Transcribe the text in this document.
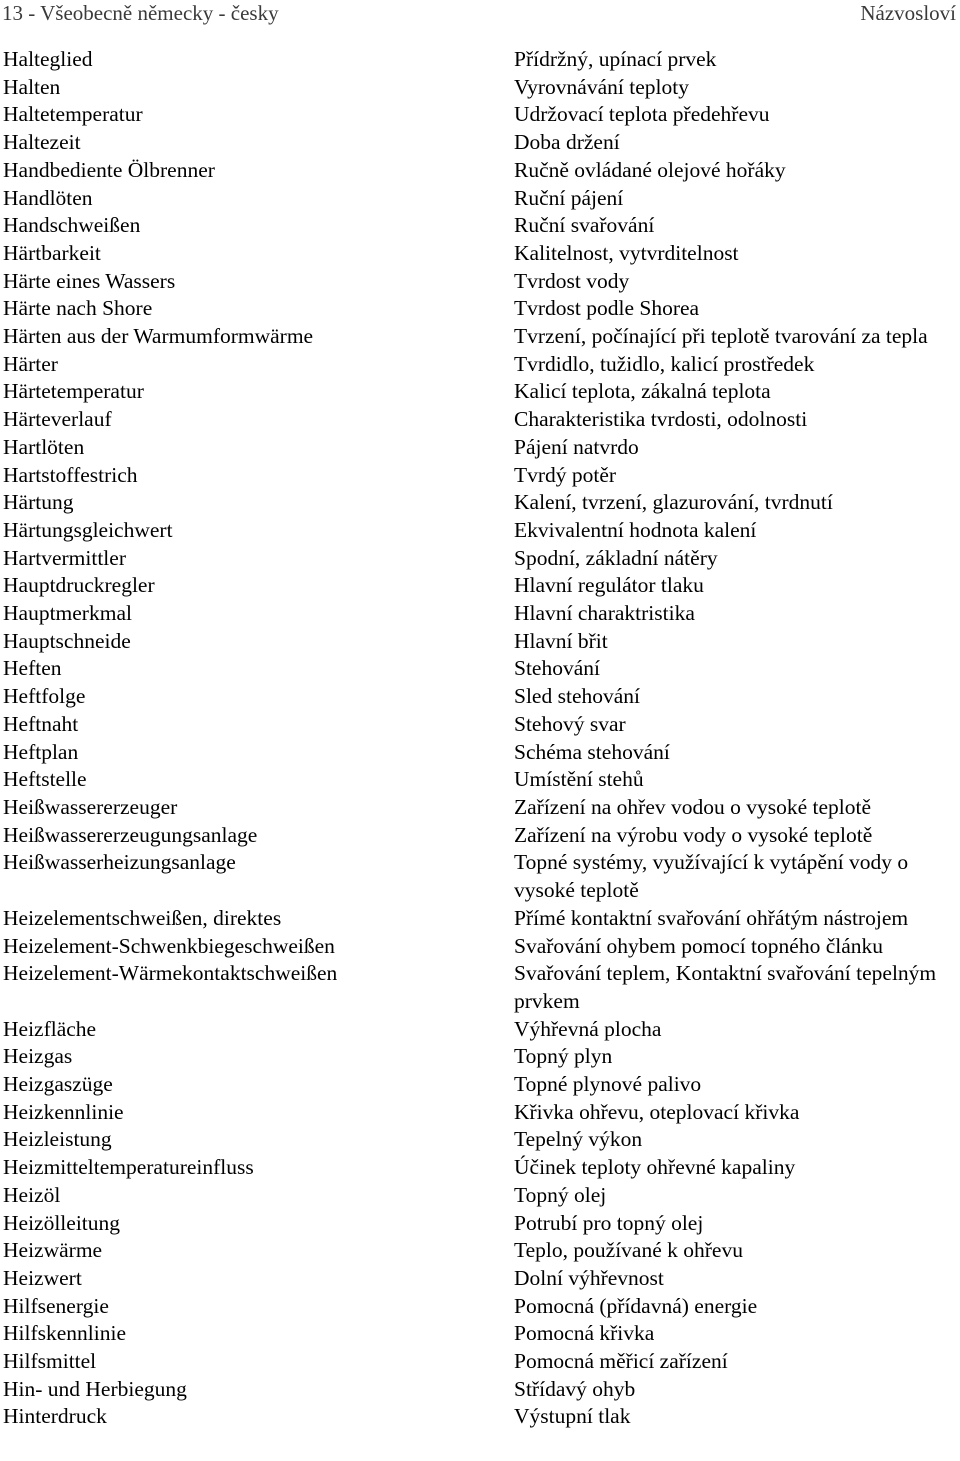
13 - Všeobecně německy - česky	Názvosloví
Halteglied	Přídržný, upínací prvek
Halten	Vyrovnávání teploty
Haltetemperatur	Udržovací teplota předehřevu
Haltezeit	Doba držení
Handbediente Ölbrenner	Ručně ovládané olejové hořáky
Handlöten	Ruční pájení
Handschweißen	Ruční svařování
Härtbarkeit	Kalitelnost, vytvrditelnost
Härte eines Wassers	Tvrdost vody
Härte nach Shore	Tvrdost podle Shorea
Härten aus der Warmumformwärme	Tvrzení, počínající při teplotě tvarování za tepla
Härter	Tvrdidlo, tužidlo, kalicí prostředek
Härtetemperatur	Kalicí teplota, zákalná teplota
Härteverlauf	Charakteristika tvrdosti, odolnosti
Hartlöten	Pájení natvrdo
Hartstoffestrich	Tvrdý potěr
Härtung	Kalení, tvrzení, glazurování, tvrdnutí
Härtungsgleichwert	Ekvivalentní hodnota kalení
Hartvermittler	Spodní, základní nátěry
Hauptdruckregler	Hlavní regulátor tlaku
Hauptmerkmal	Hlavní charaktristika
Hauptschneide	Hlavní břit
Heften	Stehování
Heftfolge	Sled stehování
Heftnaht	Stehový svar
Heftplan	Schéma stehování
Heftstelle	Umístění stehů
Heißwassererzeuger	Zařízení na ohřev vodou o vysoké teplotě
Heißwassererzeugungsanlage	Zařízení na výrobu vody o vysoké teplotě
Heißwasserheizungsanlage	Topné systémy, využívající k vytápění vody o vysoké teplotě
Heizelementschweißen, direktes	Přímé kontaktní svařování ohřátým nástrojem
Heizelement-Schwenkbiegeschweißen	Svařování ohybem pomocí topného článku
Heizelement-Wärmekontaktschweißen	Svařování teplem, Kontaktní svařování tepelným prvkem
Heizfläche	Výhřevná plocha
Heizgas	Topný plyn
Heizgaszüge	Topné plynové palivo
Heizkennlinie	Křivka ohřevu, oteplovací křivka
Heizleistung	Tepelný výkon
Heizmitteltemperatureinfluss	Účinek teploty ohřevné kapaliny
Heizöl	Topný olej
Heizölleitung	Potrubí pro topný olej
Heizwärme	Teplo, používané k ohřevu
Heizwert	Dolní výhřevnost
Hilfsenergie	Pomocná (přídavná) energie
Hilfskennlinie	Pomocná křivka
Hilfsmittel	Pomocná měřicí zařízení
Hin- und Herbiegung	Střídavý ohyb
Hinterdruck	Výstupní tlak
